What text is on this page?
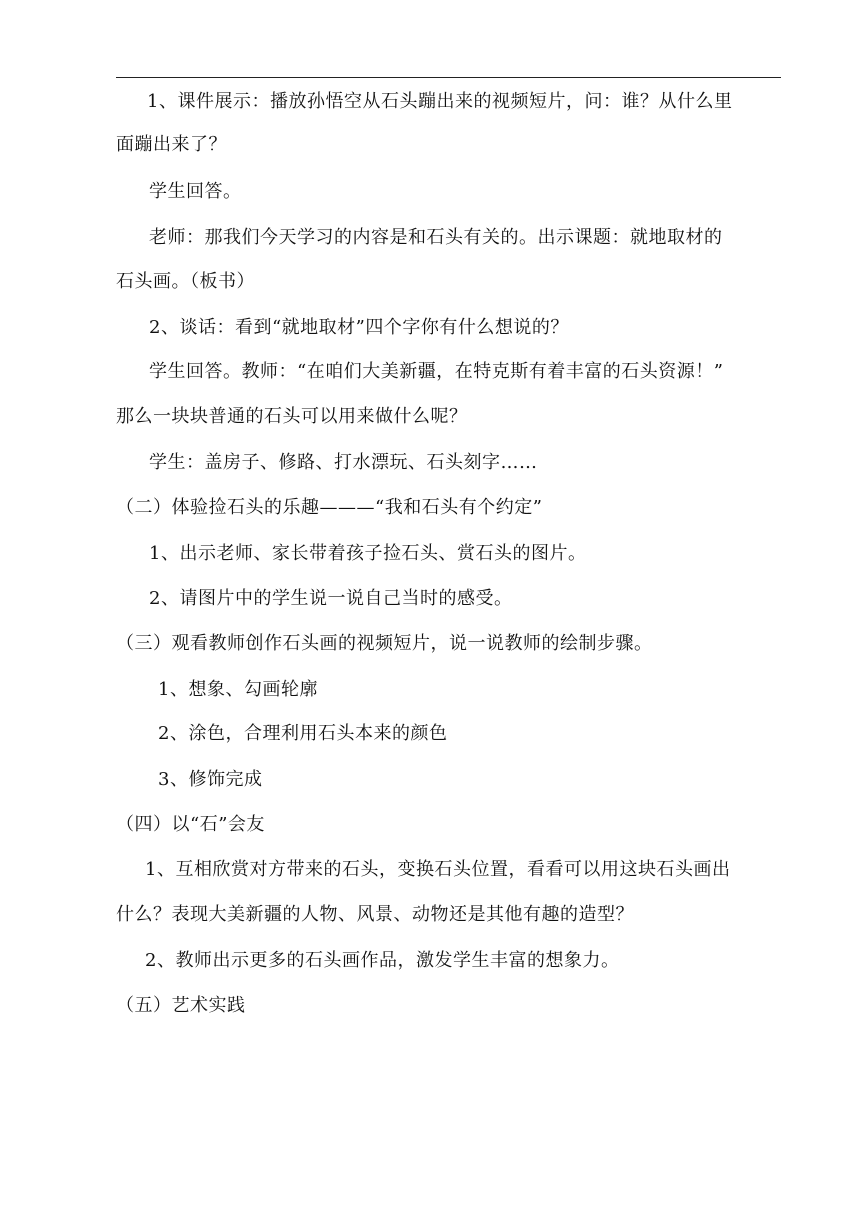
1、课件展示：播放孙悟空从石头蹦出来的视频短片，问：谁？从什么里
面蹦出来了？
学生回答。
老师：那我们今天学习的内容是和石头有关的。出示课题：就地取材的
石头画。（板书）
2、谈话：看到“就地取材”四个字你有什么想说的？
学生回答。教师：“在咱们大美新疆，在特克斯有着丰富的石头资源！”
那么一块块普通的石头可以用来做什么呢？
学生：盖房子、修路、打水漂玩、石头刻字……
（二）体验捡石头的乐趣———“我和石头有个约定”
1、出示老师、家长带着孩子捡石头、赏石头的图片。
2、请图片中的学生说一说自己当时的感受。
（三）观看教师创作石头画的视频短片，说一说教师的绘制步骤。
1、想象、勾画轮廓
2、涂色，合理利用石头本来的颜色
3、修饰完成
（四）以“石”会友
1、互相欣赏对方带来的石头，变换石头位置，看看可以用这块石头画出
什么？表现大美新疆的人物、风景、动物还是其他有趣的造型？
2、教师出示更多的石头画作品，激发学生丰富的想象力。
（五）艺术实践
